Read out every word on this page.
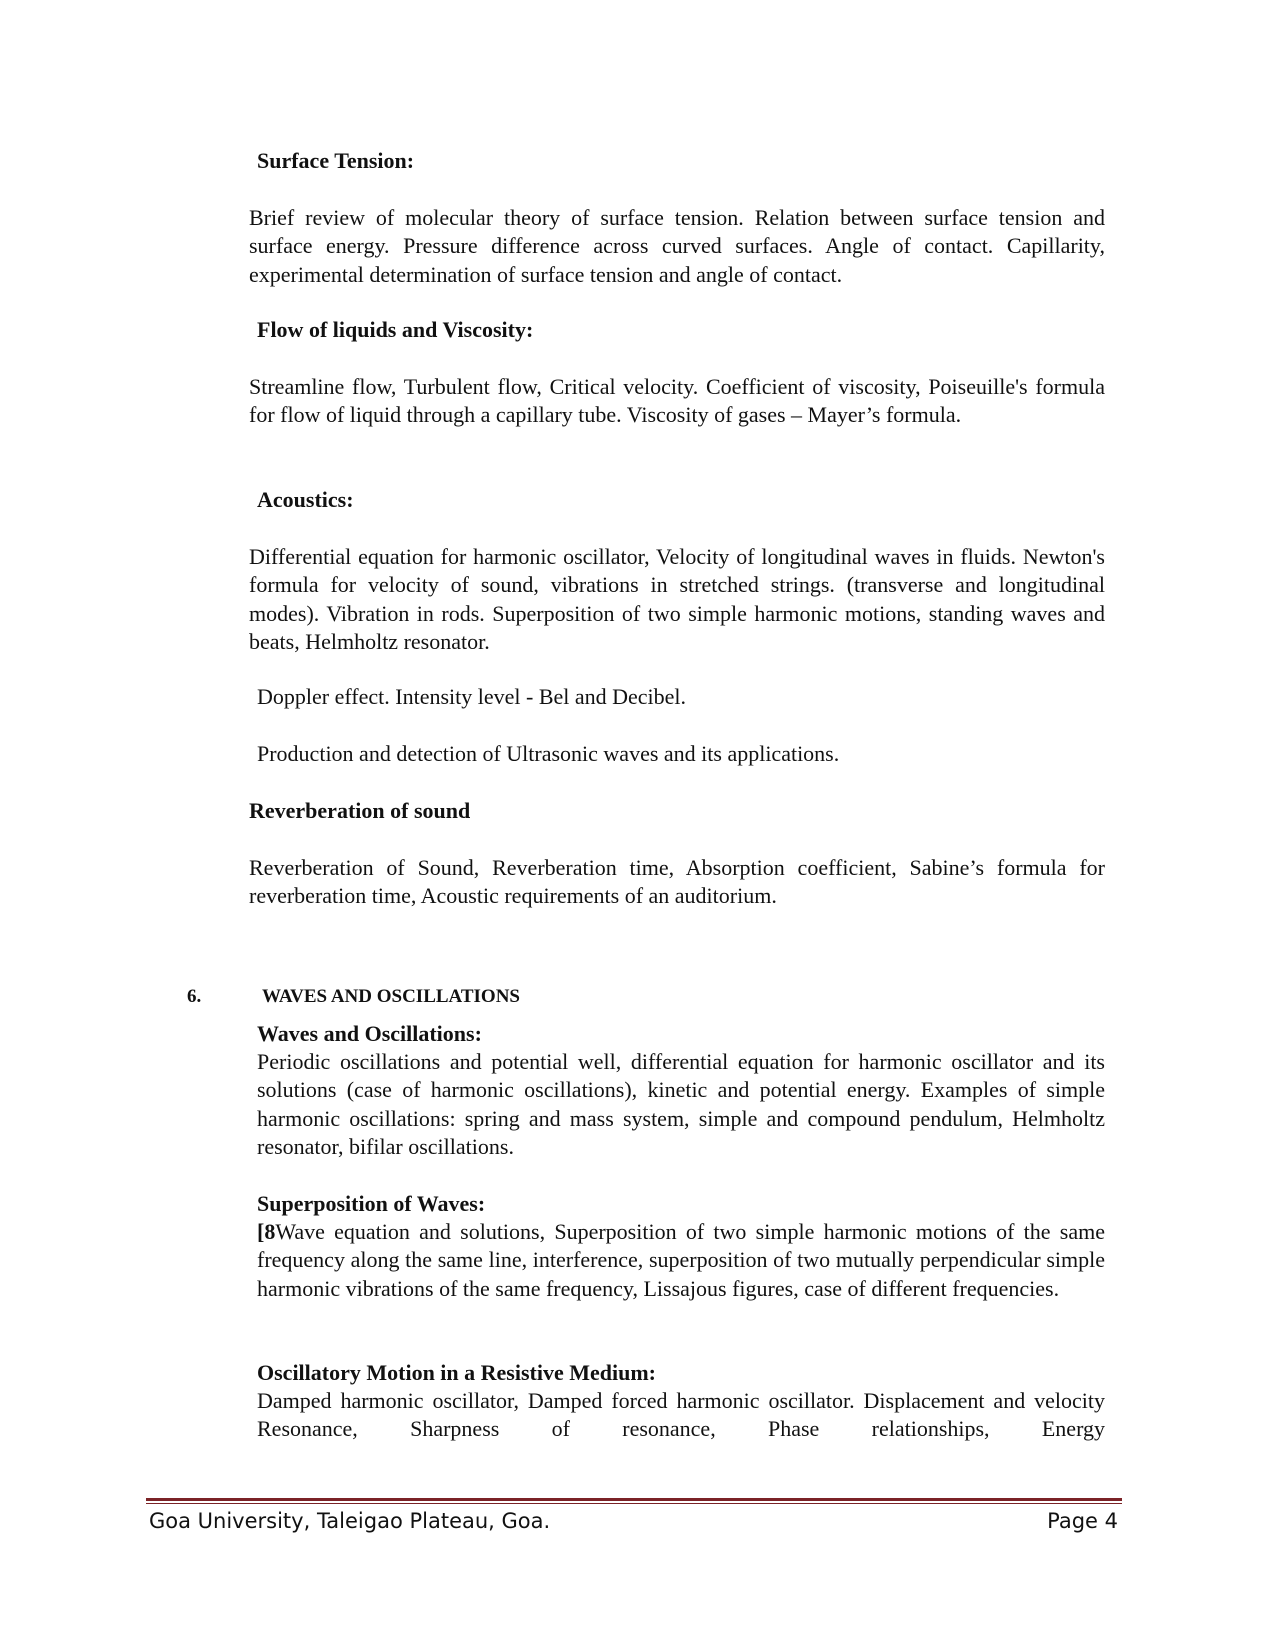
Surface Tension:

Brief review of molecular theory of surface tension. Relation between surface tension and surface energy. Pressure difference across curved surfaces. Angle of contact. Capillarity, experimental determination of surface tension and angle of contact.

Flow of liquids and Viscosity:

Streamline flow, Turbulent flow, Critical velocity. Coefficient of viscosity, Poiseuille's formula for flow of liquid through a capillary tube. Viscosity of gases – Mayer’s formula.

Acoustics:

Differential equation for harmonic oscillator, Velocity of longitudinal waves in fluids. Newton's formula for velocity of sound, vibrations in stretched strings. (transverse and longitudinal modes). Vibration in rods. Superposition of two simple harmonic motions, standing waves and beats, Helmholtz resonator.

Doppler effect. Intensity level - Bel and Decibel.

Production and detection of Ultrasonic waves and its applications.

Reverberation of sound

Reverberation of Sound, Reverberation time, Absorption coefficient, Sabine’s formula for reverberation time, Acoustic requirements of an auditorium.

6.	WAVES AND OSCILLATIONS
Waves and Oscillations:

Periodic oscillations and potential well, differential equation for harmonic oscillator and its solutions (case of harmonic oscillations), kinetic and potential energy. Examples of simple harmonic oscillations: spring and mass system, simple and compound pendulum, Helmholtz resonator, bifilar oscillations.

Superposition of Waves:

[8Wave equation and solutions, Superposition of two simple harmonic motions of the same frequency along the same line, interference, superposition of two mutually perpendicular simple harmonic vibrations of the same frequency, Lissajous figures, case of different frequencies.

Oscillatory Motion in a Resistive Medium:

Damped harmonic oscillator, Damped forced harmonic oscillator. Displacement and velocity Resonance, Sharpness of resonance, Phase relationships, Energy

Goa University, Taleigao Plateau, Goa.	Page 4
